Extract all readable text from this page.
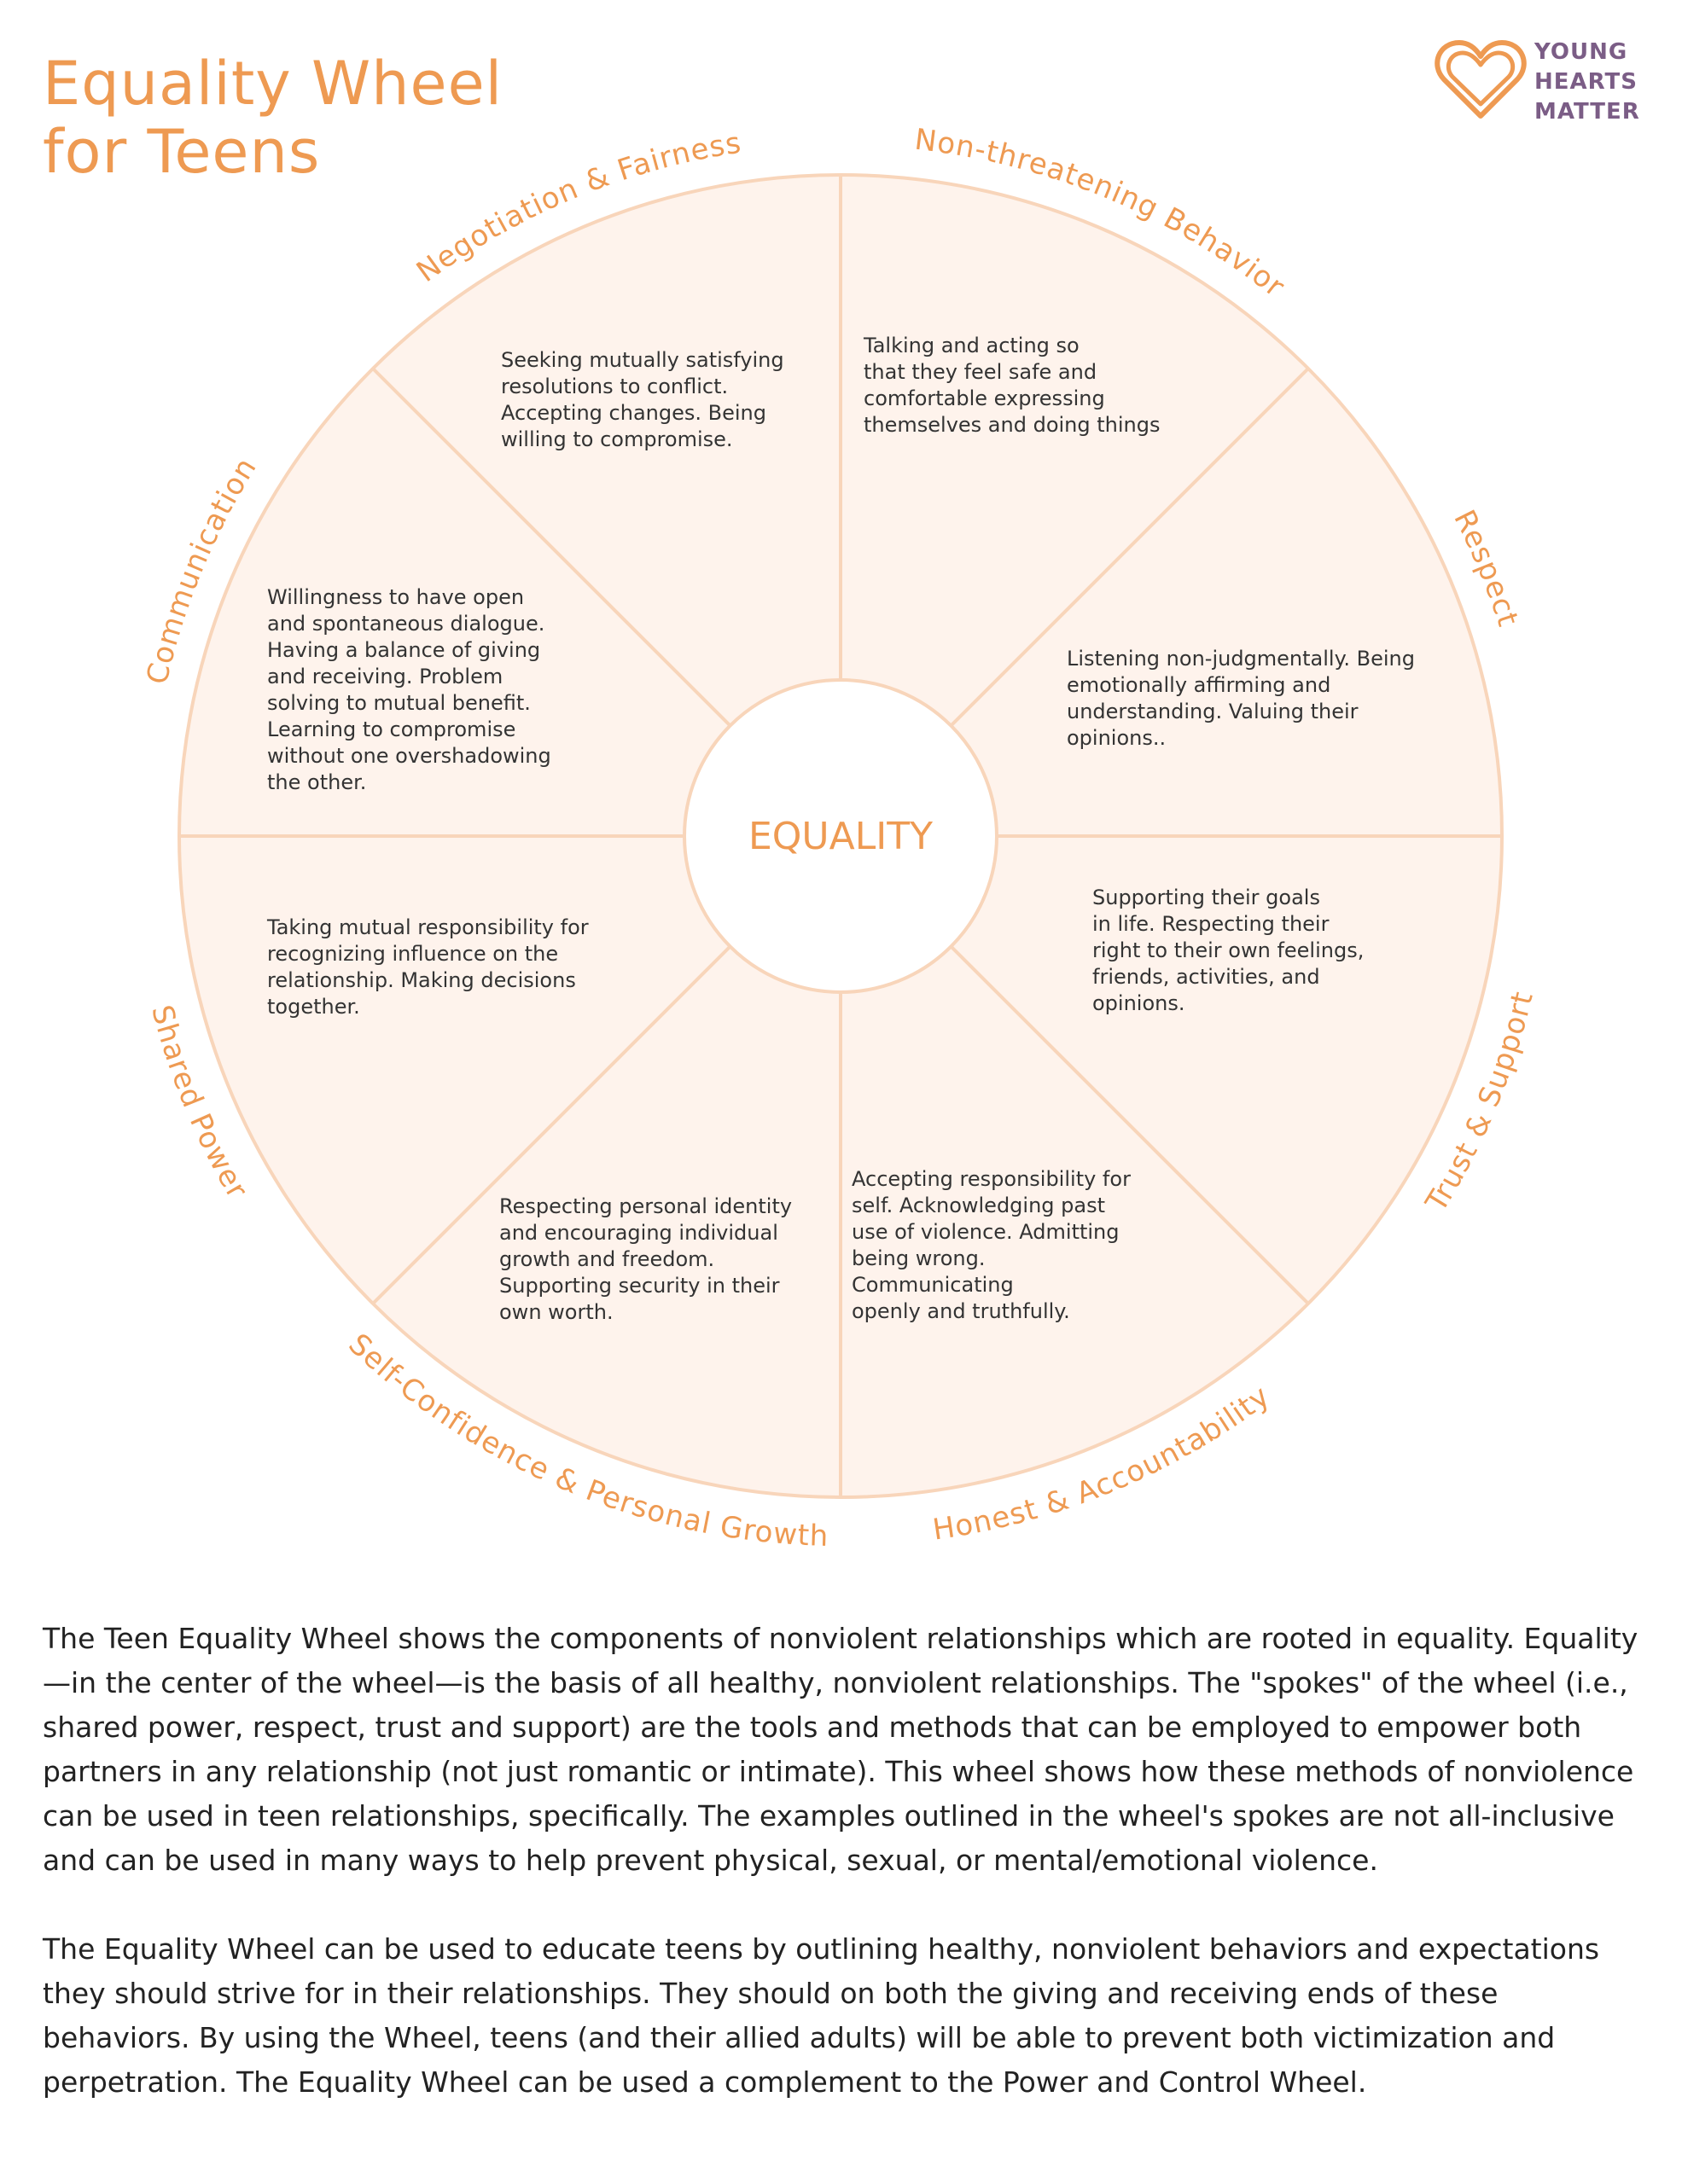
Equality Wheel
for Teens
YOUNG
HEARTS
MATTER
EQUALITY
Non-threatening Behavior
Respect
Trust & Support
Honest & Accountability
Self-Confidence & Personal Growth
Shared Power
Communication
Negotiation & Fairness
Talking and acting so that they feel safe and comfortable expressing themselves and doing things
Listening non-judgmentally. Being emotionally affirming and understanding. Valuing their opinions..
Supporting their goals in life. Respecting their right to their own feelings, friends, activities, and opinions.
Accepting responsibility for self. Acknowledging past use of violence. Admitting being wrong. Communicating openly and truthfully.
Respecting personal identity and encouraging individual growth and freedom. Supporting security in their own worth.
Taking mutual responsibility for recognizing influence on the relationship. Making decisions together.
Willingness to have open and spontaneous dialogue. Having a balance of giving and receiving. Problem solving to mutual benefit. Learning to compromise without one overshadowing the other.
Seeking mutually satisfying resolutions to conflict. Accepting changes. Being willing to compromise.

The Teen Equality Wheel shows the components of nonviolent relationships which are rooted in equality. Equality—in the center of the wheel—is the basis of all healthy, nonviolent relationships. The "spokes" of the wheel (i.e., shared power, respect, trust and support) are the tools and methods that can be employed to empower both partners in any relationship (not just romantic or intimate). This wheel shows how these methods of nonviolence can be used in teen relationships, specifically. The examples outlined in the wheel's spokes are not all-inclusive and can be used in many ways to help prevent physical, sexual, or mental/emotional violence.

The Equality Wheel can be used to educate teens by outlining healthy, nonviolent behaviors and expectations they should strive for in their relationships. They should on both the giving and receiving ends of these behaviors. By using the Wheel, teens (and their allied adults) will be able to prevent both victimization and perpetration. The Equality Wheel can be used a complement to the Power and Control Wheel.
